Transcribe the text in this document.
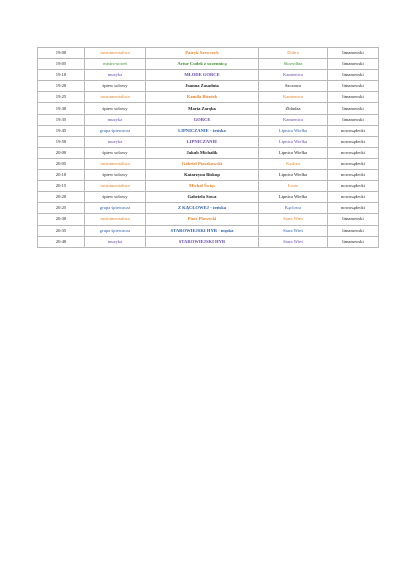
19:00	instrumentalista	Patryk Szewczyk	Dobra	limanowski
19:05	mistrz-uczeń	Artur Cudek z uczennicą	Skrzydlna	limanowski
19:10	muzyka	MŁODE GORCE	Kamienica	limanowski
19:20	śpiew solowy	Joanna Zasadnia	Szczawa	limanowski
19:25	instrumentalista	Kamila Bieniek	Kamienica	limanowski
19:30	śpiew solowy	Maria Zaręba	Zbludza	limanowski
19:35	muzyka	GORCE	Kamienica	limanowski
19:45	grupa śpiewacza	LIPNICZANIE - żeńska	Lipnica Wielka	nowosądecki
19:50	muzyka	LIPNICZANIE	Lipnica Wielka	nowosądecki
20:00	śpiew solowy	Jakub Michalik	Lipnica Wielka	nowosądecki
20:05	instrumentalista	Gabriel Ptaszkowski	Kadcza	nowosądecki
20:10	śpiew solowy	Katarzyna Biskup	Lipnica Wielka	nowosądecki
20:15	instrumentalista	Michał Święs	Łosie	nowosądecki
20:20	śpiew solowy	Gabriela Sowa	Lipnica Wielka	nowosądecki
20:25	grupa śpiewacza	Z KĄCŁOWEJ - żeńska	Kąclowa	nowosądecki
20:30	instrumentalista	Piotr Plawecki	Stara Wieś	limanowski
20:35	grupa śpiewacza	STAROWIEJSKI HYR - męska	Stara Wieś	limanowski
20:40	muzyka	STAROWIEJSKI HYR	Stara Wieś	limanowski
